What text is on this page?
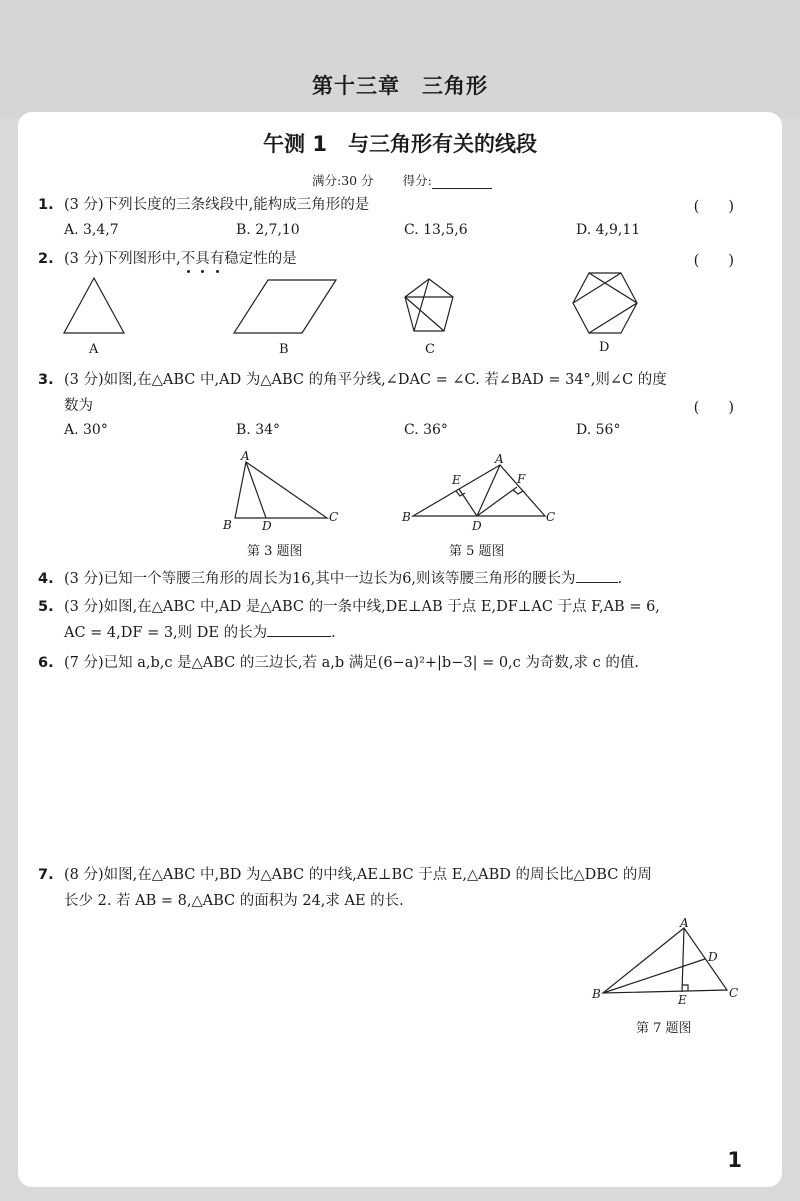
第十三章　三角形
午测 1　与三角形有关的线段
满分:30 分   得分:
1. (3 分)下列长度的三条线段中,能构成三角形的是	(　　)
A. 3,4,7	B. 2,7,10	C. 13,5,6	D. 4,9,11
2. (3 分)下列图形中,不具有稳定性的是	(　　)
A
B	D
C
A
E	F
B
D
C
A
D
B	E	C
A	B	C	D
3. (3 分)如图,在△ABC 中,AD 为△ABC 的角平分线,∠DAC = ∠C. 若∠BAD = 34°,则∠C 的度
数为	(　　)
A. 30°	B. 34°	C. 36°	D. 56°
第 3 题图	第 5 题图
4. (3 分)已知一个等腰三角形的周长为16,其中一边长为6,则该等腰三角形的腰长为	.
5. (3 分)如图,在△ABC 中,AD 是△ABC 的一条中线,DE⊥AB 于点 E,DF⊥AC 于点 F,AB = 6,
AC = 4,DF = 3,则 DE 的长为	.
6. (7 分)已知 a,b,c 是△ABC 的三边长,若 a,b 满足(6−a)²+|b−3| = 0,c 为奇数,求 c 的值.
7. (8 分)如图,在△ABC 中,BD 为△ABC 的中线,AE⊥BC 于点 E,△ABD 的周长比△DBC 的周
长少 2. 若 AB = 8,△ABC 的面积为 24,求 AE 的长.
第 7 题图
1
